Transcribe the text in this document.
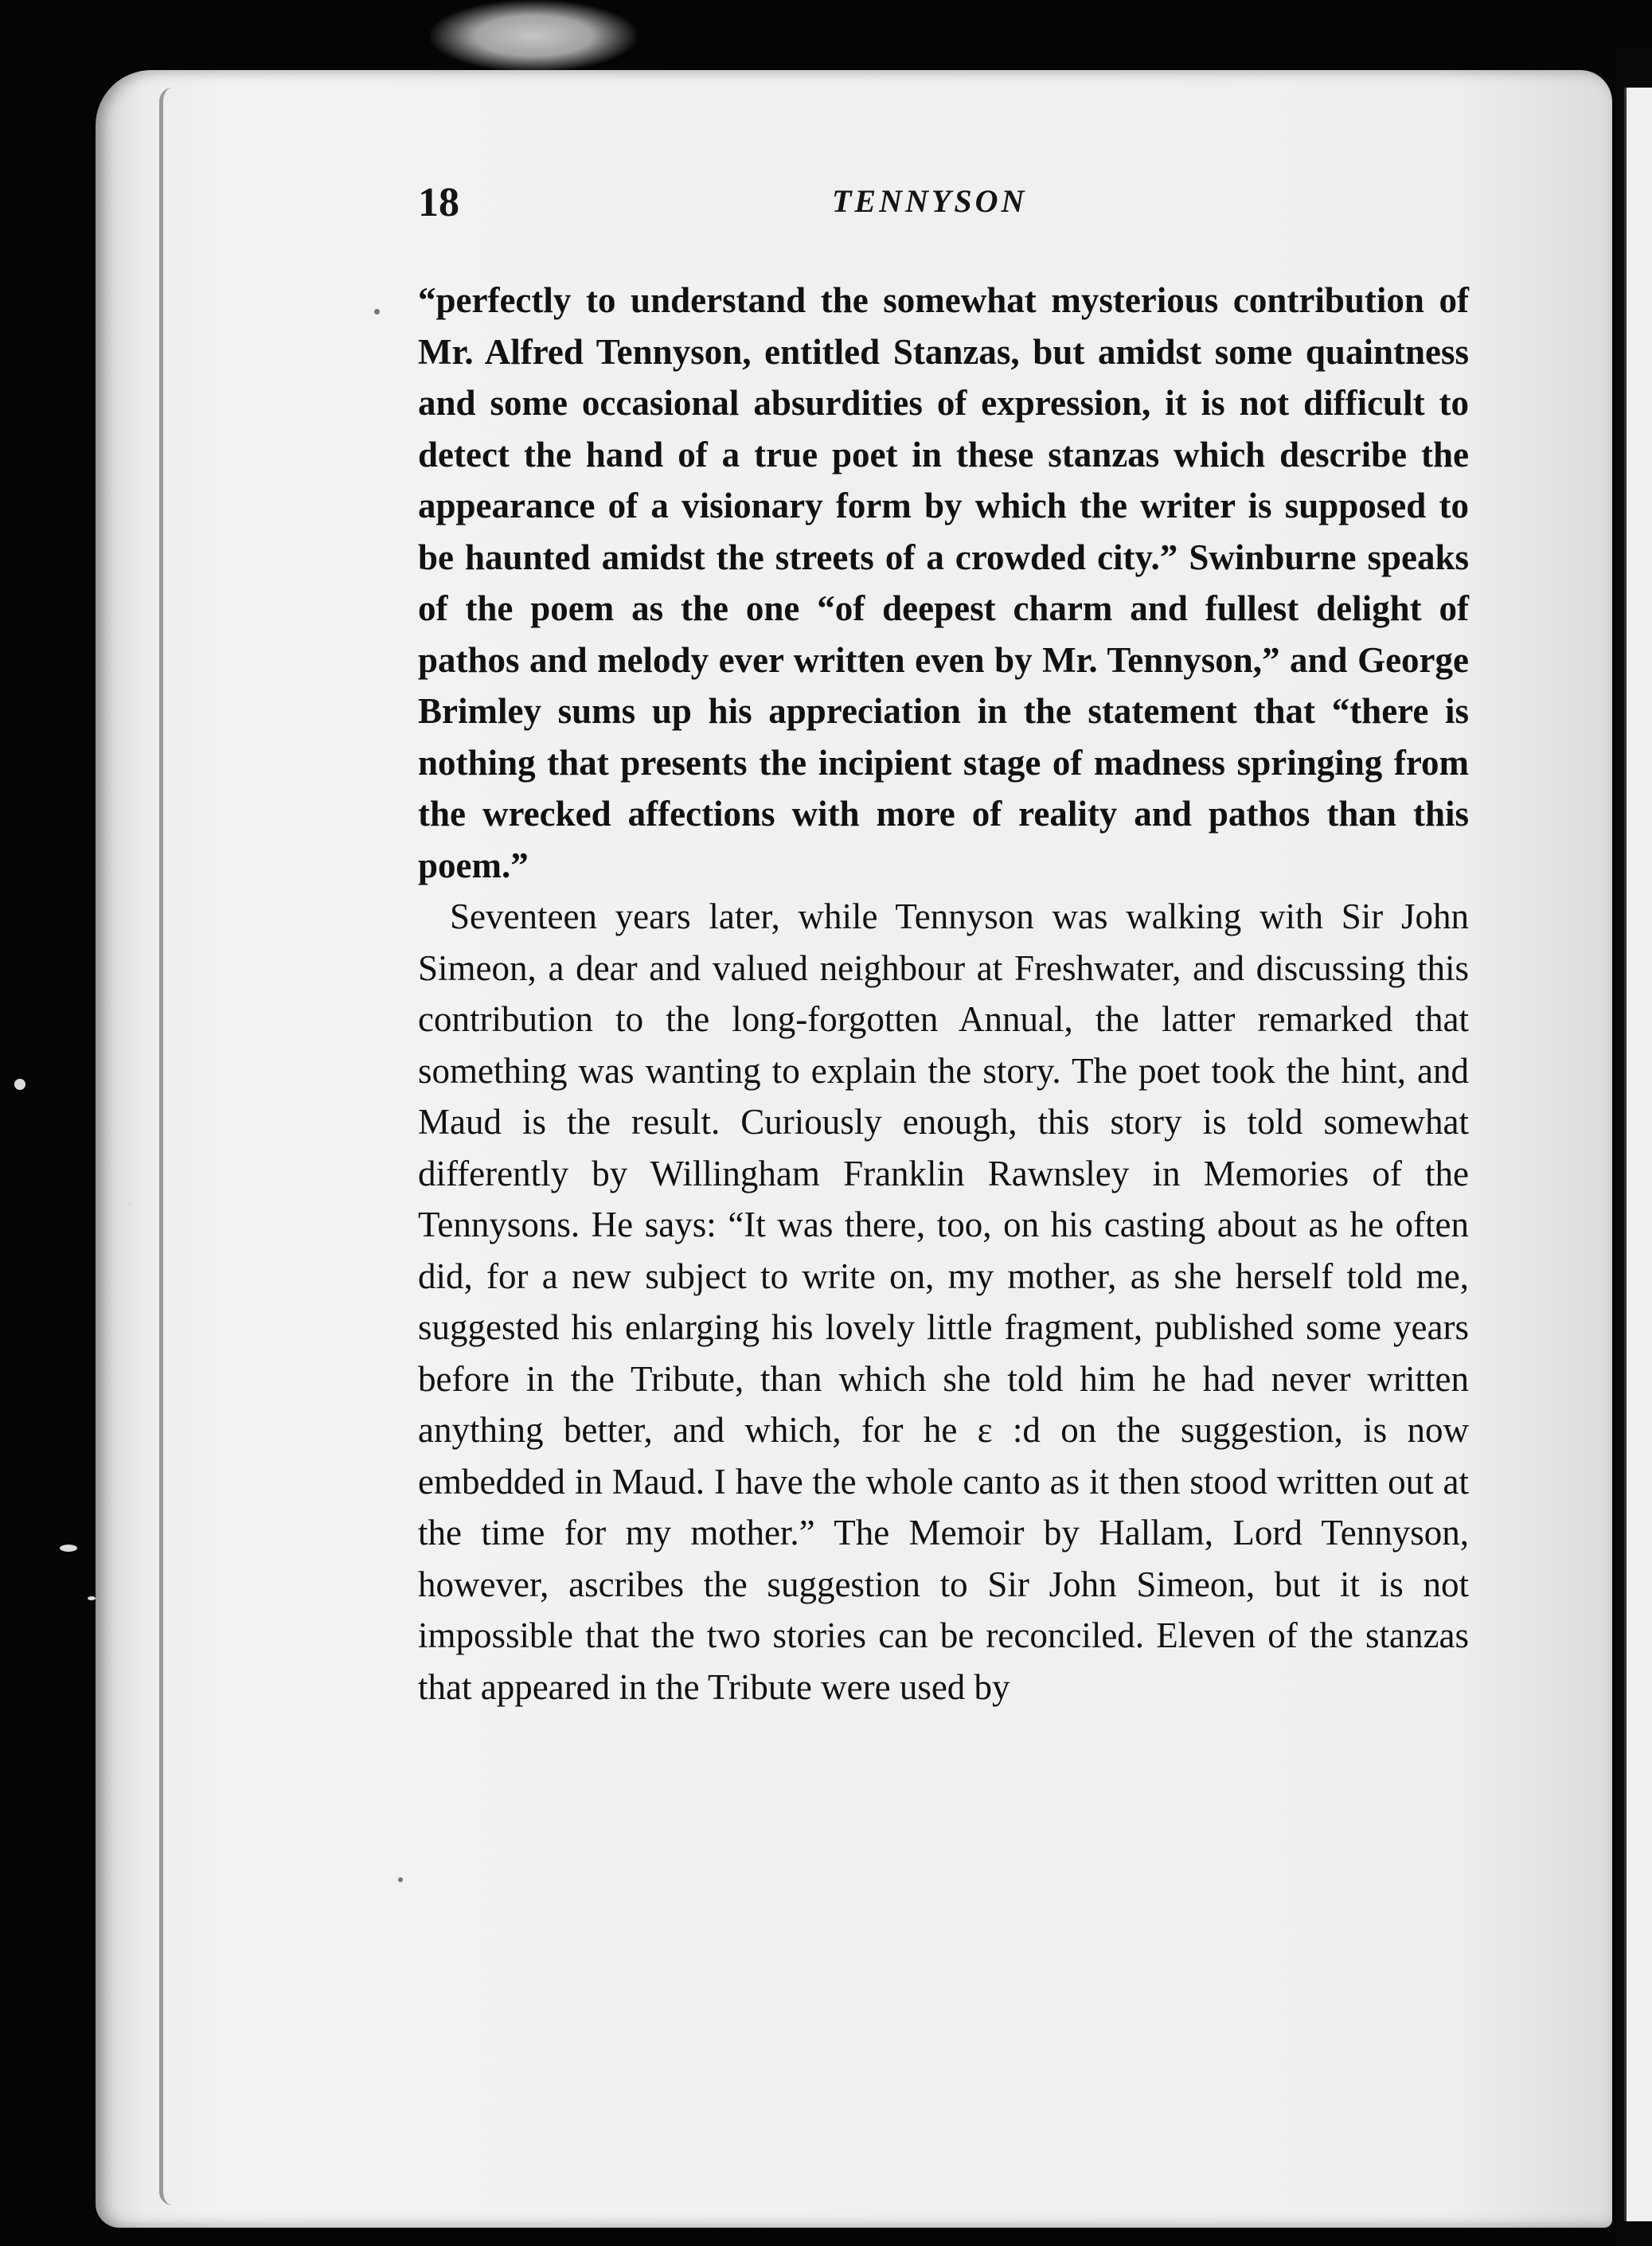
18	TENNYSON

“perfectly to understand the somewhat mysterious contribution of Mr. Alfred Tennyson, entitled Stanzas, but amidst some quaintness and some occasional absurdities of expression, it is not difficult to detect the hand of a true poet in these stanzas which describe the appearance of a visionary form by which the writer is supposed to be haunted amidst the streets of a crowded city.” Swinburne speaks of the poem as the one “of deepest charm and fullest delight of pathos and melody ever written even by Mr. Tennyson,” and George Brimley sums up his appreciation in the statement that “there is nothing that presents the incipient stage of madness springing from the wrecked affections with more of reality and pathos than this poem.”

Seventeen years later, while Tennyson was walking with Sir John Simeon, a dear and valued neighbour at Freshwater, and discussing this contribution to the long-forgotten Annual, the latter remarked that something was wanting to explain the story. The poet took the hint, and Maud is the result. Curiously enough, this story is told somewhat differently by Willingham Franklin Rawnsley in Memories of the Tennysons. He says: “It was there, too, on his casting about as he often did, for a new subject to write on, my mother, as she herself told me, suggested his enlarging his lovely little fragment, published some years before in the Tribute, than which she told him he had never written anything better, and which, for he ε :d on the suggestion, is now embedded in Maud. I have the whole canto as it then stood written out at the time for my mother.” The Memoir by Hallam, Lord Tennyson, however, ascribes the suggestion to Sir John Simeon, but it is not impossible that the two stories can be reconciled. Eleven of the stanzas that appeared in the Tribute were used by
